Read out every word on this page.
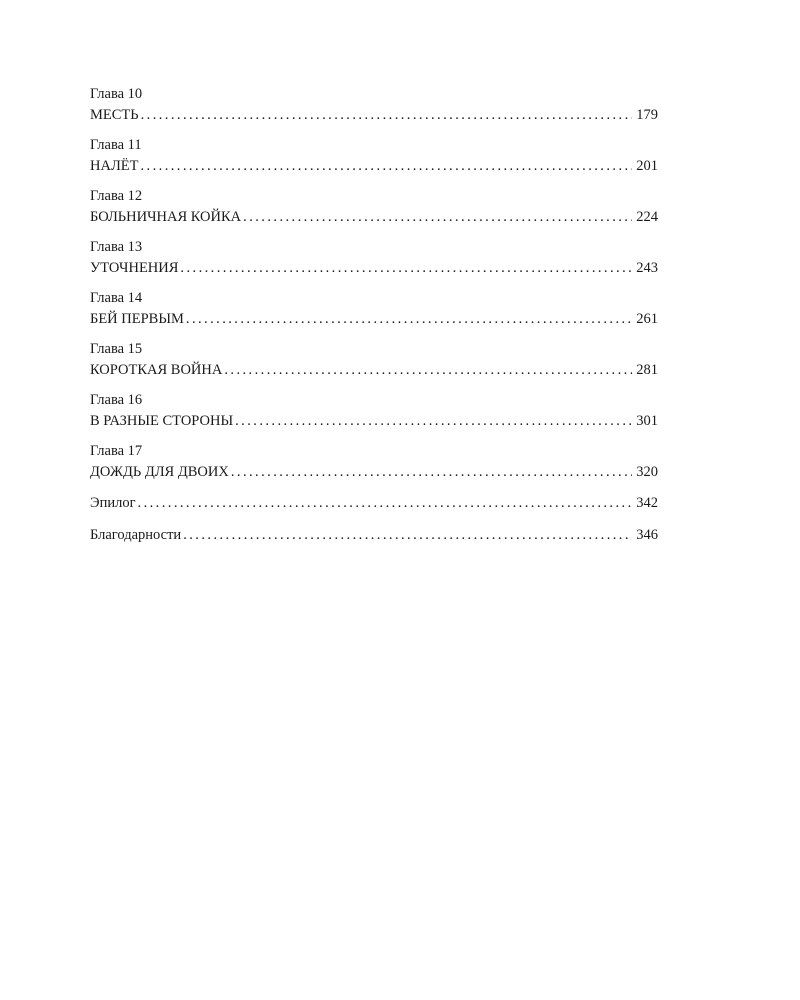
Глава 10
МЕСТЬ . . .	179
Глава 11
НАЛЁТ . . .	201
Глава 12
БОЛЬНИЧНАЯ КОЙКА . . .	224
Глава 13
УТОЧНЕНИЯ . . .	243
Глава 14
БЕЙ ПЕРВЫМ . . .	261
Глава 15
КОРОТКАЯ ВОЙНА . . .	281
Глава 16
В РАЗНЫЕ СТОРОНЫ . . .	301
Глава 17
ДОЖДЬ ДЛЯ ДВОИХ . . .	320
Эпилог . . .	342
Благодарности . . .	346
